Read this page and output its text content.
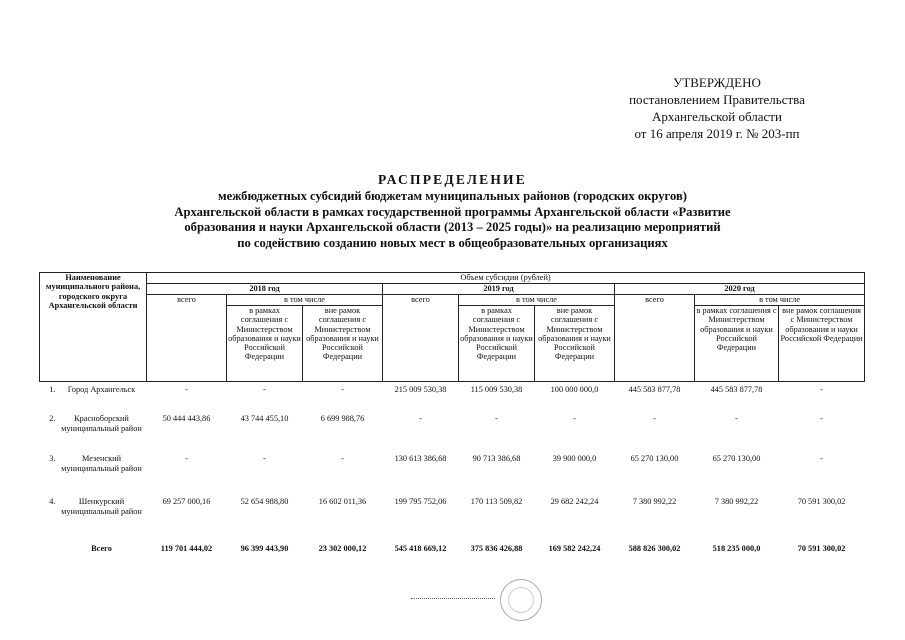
УТВЕРЖДЕНО
постановлением Правительства
Архангельской области
от 16 апреля 2019 г. № 203-пп
РАСПРЕДЕЛЕНИЕ
межбюджетных субсидий бюджетам муниципальных районов (городских округов)
Архангельской области в рамках государственной программы Архангельской области «Развитие
образования и науки Архангельской области (2013 – 2025 годы)» на реализацию мероприятий
по содействию созданию новых мест в общеобразовательных организациях
Наименование муниципального района, городского округа Архангельской области	Объем субсидии (рублей)								
	2018 год			2019 год			2020 год		
	всего	в том числе		всего	в том числе		всего	в том числе	
		в рамках соглашения с Министерством образования и науки Российской Федерации	вне рамок соглашения с Министерством образования и науки Российской Федерации		в рамках соглашения с Министерством образования и науки Российской Федерации	вне рамок соглашения с Министерством образования и науки Российской Федерации		в рамках соглашения с Министерством образования и науки Российской Федерации	вне рамок соглашения с Министерством образования и науки Российской Федерации
1. Город Архангельск	-	-	-	215 009 530,38	115 009 530,38	100 000 000,0	445 583 877,78	445 583 877,78	-
2. Красноборский муниципальный район	50 444 443,86	43 744 455,10	6 699 988,76	-	-	-	-	-	-
3. Мезенский муниципальный район	-	-	-	130 613 386,68	90 713 386,68	39 900 000,0	65 270 130,00	65 270 130,00	-
4. Шенкурский муниципальный район	69 257 000,16	52 654 988,80	16 602 011,36	199 795 752,06	170 113 509,82	29 682 242,24	7 380 992,22	7 380 992,22	70 591 300,02
Всего	119 701 444,02	96 399 443,90	23 302 000,12	545 418 669,12	375 836 426,88	169 582 242,24	588 826 300,02	518 235 000,0	70 591 300,02
